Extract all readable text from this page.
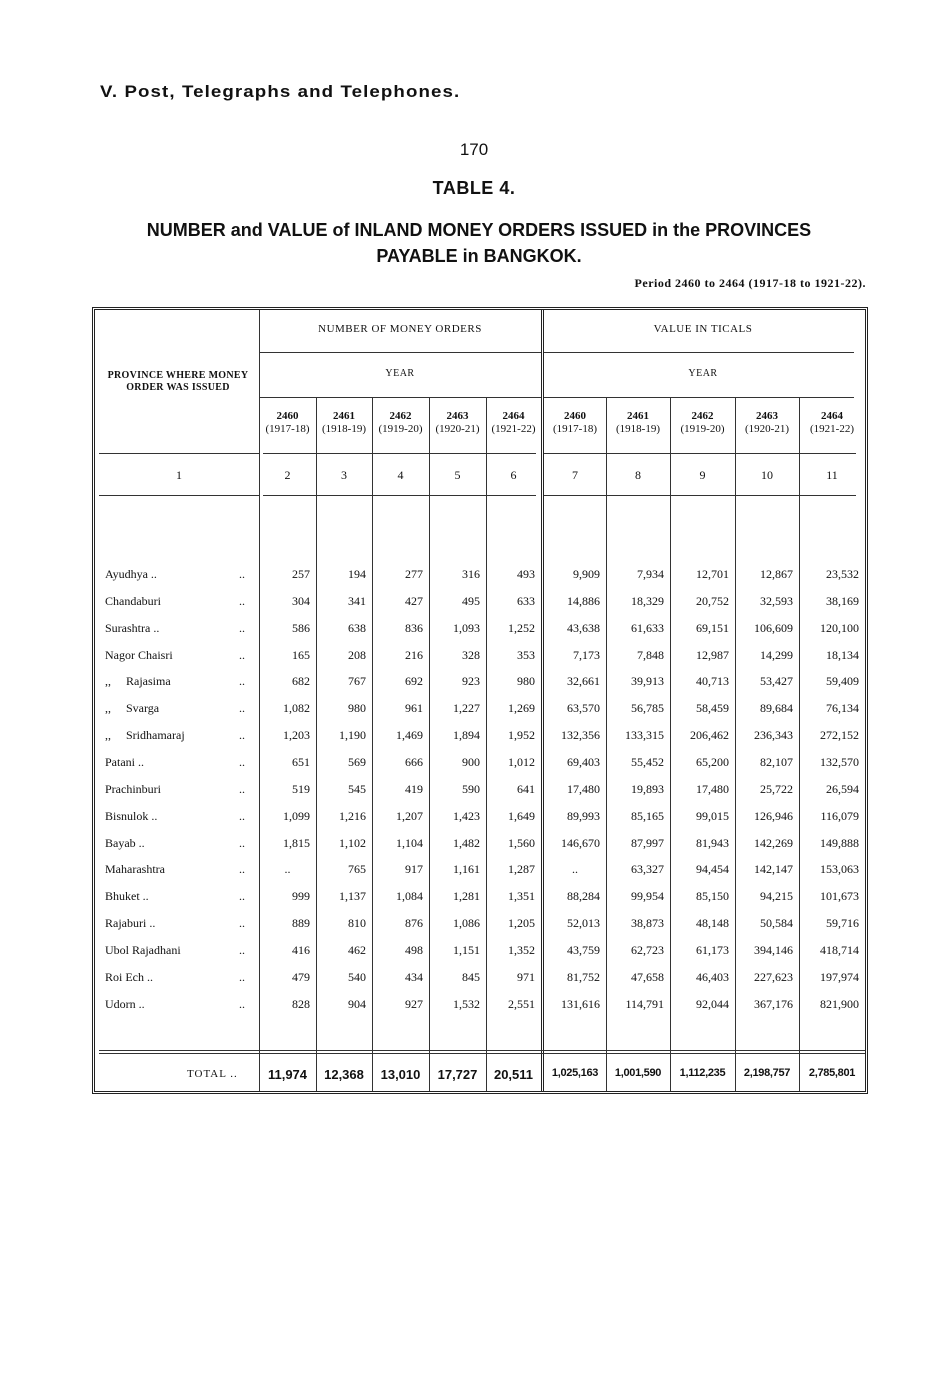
V. Post, Telegraphs and Telephones.
170
TABLE 4.
NUMBER and VALUE of INLAND MONEY ORDERS ISSUED in the PROVINCES
PAYABLE in BANGKOK.
Period 2460 to 2464 (1917-18 to 1921-22).
NUMBER OF MONEY ORDERS	VALUE IN TICALS
YEAR	YEAR
PROVINCE WHERE MONEY
ORDER WAS ISSUED
2460
(1917-18)
2461
(1918-19)
2462
(1919-20)
2463
(1920-21)
2464
(1921-22)
2460
(1917-18)
2461
(1918-19)
2462
(1919-20)
2463
(1920-21)
2464
(1921-22)
1	2	3	4	5	6	7	8	9	10	11
Ayudhya ..	..	257	194	277	316	493	9,909	7,934	12,701	12,867	23,532
Chandaburi	..	304	341	427	495	633	14,886	18,329	20,752	32,593	38,169
Surashtra ..	..	586	638	836	1,093	1,252	43,638	61,633	69,151	106,609	120,100
Nagor Chaisri	..	165	208	216	328	353	7,173	7,848	12,987	14,299	18,134
,,     Rajasima	..	682	767	692	923	980	32,661	39,913	40,713	53,427	59,409
,,     Svarga	..	1,082	980	961	1,227	1,269	63,570	56,785	58,459	89,684	76,134
,,     Sridhamaraj	..	1,203	1,190	1,469	1,894	1,952	132,356	133,315	206,462	236,343	272,152
Patani ..	..	651	569	666	900	1,012	69,403	55,452	65,200	82,107	132,570
Prachinburi	..	519	545	419	590	641	17,480	19,893	17,480	25,722	26,594
Bisnulok ..	..	1,099	1,216	1,207	1,423	1,649	89,993	85,165	99,015	126,946	116,079
Bayab ..	..	1,815	1,102	1,104	1,482	1,560	146,670	87,997	81,943	142,269	149,888
Maharashtra	..	..	765	917	1,161	1,287	..	63,327	94,454	142,147	153,063
Bhuket ..	..	999	1,137	1,084	1,281	1,351	88,284	99,954	85,150	94,215	101,673
Rajaburi ..	..	889	810	876	1,086	1,205	52,013	38,873	48,148	50,584	59,716
Ubol Rajadhani	..	416	462	498	1,151	1,352	43,759	62,723	61,173	394,146	418,714
Roi Ech ..	..	479	540	434	845	971	81,752	47,658	46,403	227,623	197,974
Udorn ..	..	828	904	927	1,532	2,551	131,616	114,791	92,044	367,176	821,900
TOTAL ..	11,974	12,368	13,010	17,727	20,511	1,025,163	1,001,590	1,112,235	2,198,757	2,785,801
